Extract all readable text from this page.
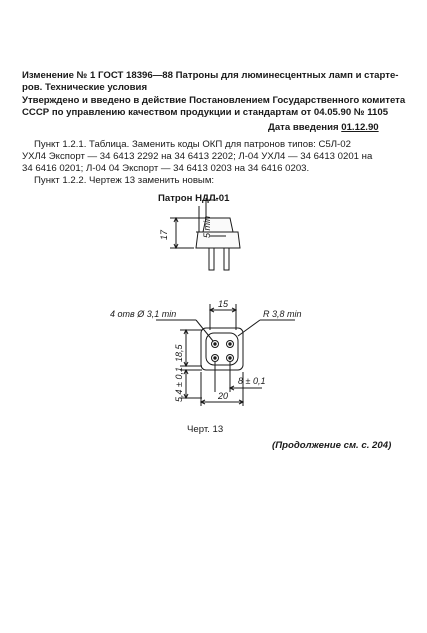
Изменение № 1 ГОСТ 18396—88 Патроны для люминесцентных ламп и старте-
ров. Технические условия
Утверждено и введено в действие Постановлением Государственного комитета
СССР по управлению качеством продукции и стандартам от 04.05.90 № 1105
Дата введения 01.12.90
Пункт 1.2.1. Таблица. Заменить коды ОКП для патронов типов: С5Л-02
УХЛ4 Экспорт — 34 6413 2292 на 34 6413 2202; Л-04 УХЛ4 — 34 6413 0201 на
34 6416 0201; Л-04 04 Экспорт — 34 6413 0203 на 34 6416 0203.
Пункт 1.2.2. Чертеж 13 заменить новым:
Патрон НДЛ-01
17	5 min
4 отв Ø 3,1 min
15
R 3,8 min
18,5
5,4 ± 0,1	8 ± 0,1
20
Черт. 13
(Продолжение см. с. 204)
